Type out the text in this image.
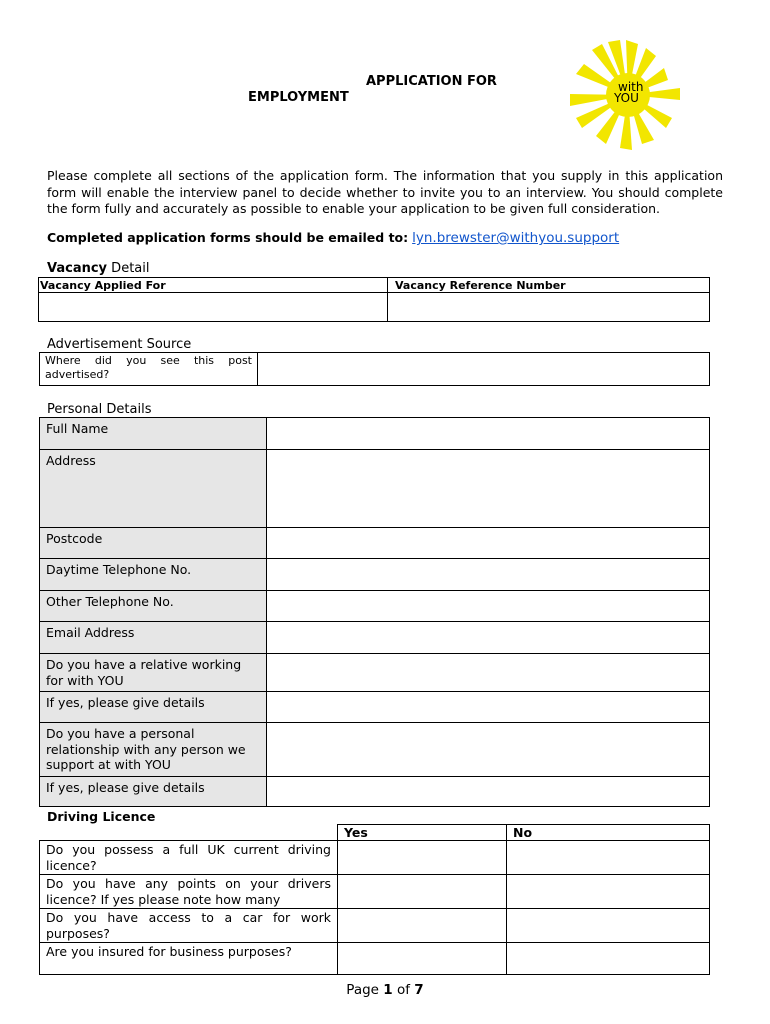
APPLICATION FOR
EMPLOYMENT
with
YOU
Please complete all sections of the application form. The information that you supply in this application form will enable the interview panel to decide whether to invite you to an interview. You should complete the form fully and accurately as possible to enable your application to be given full consideration.
Completed application forms should be emailed to: lyn.brewster@withyou.support
Vacancy Detail
Vacancy Applied For	Vacancy Reference Number

Advertisement Source
Where did you see this post advertised?	
Personal Details
Full Name	
Address	
Postcode	
Daytime Telephone No.	
Other Telephone No.	
Email Address	
Do you have a relative working for with YOU	
If yes, please give details	
Do you have a personal relationship with any person we support at with YOU	
If yes, please give details	
Driving Licence
	Yes	No
Do you possess a full UK current driving licence?		
Do you have any points on your drivers licence? If yes please note how many		
Do you have access to a car for work purposes?		
Are you insured for business purposes?		
Page 1 of 7
